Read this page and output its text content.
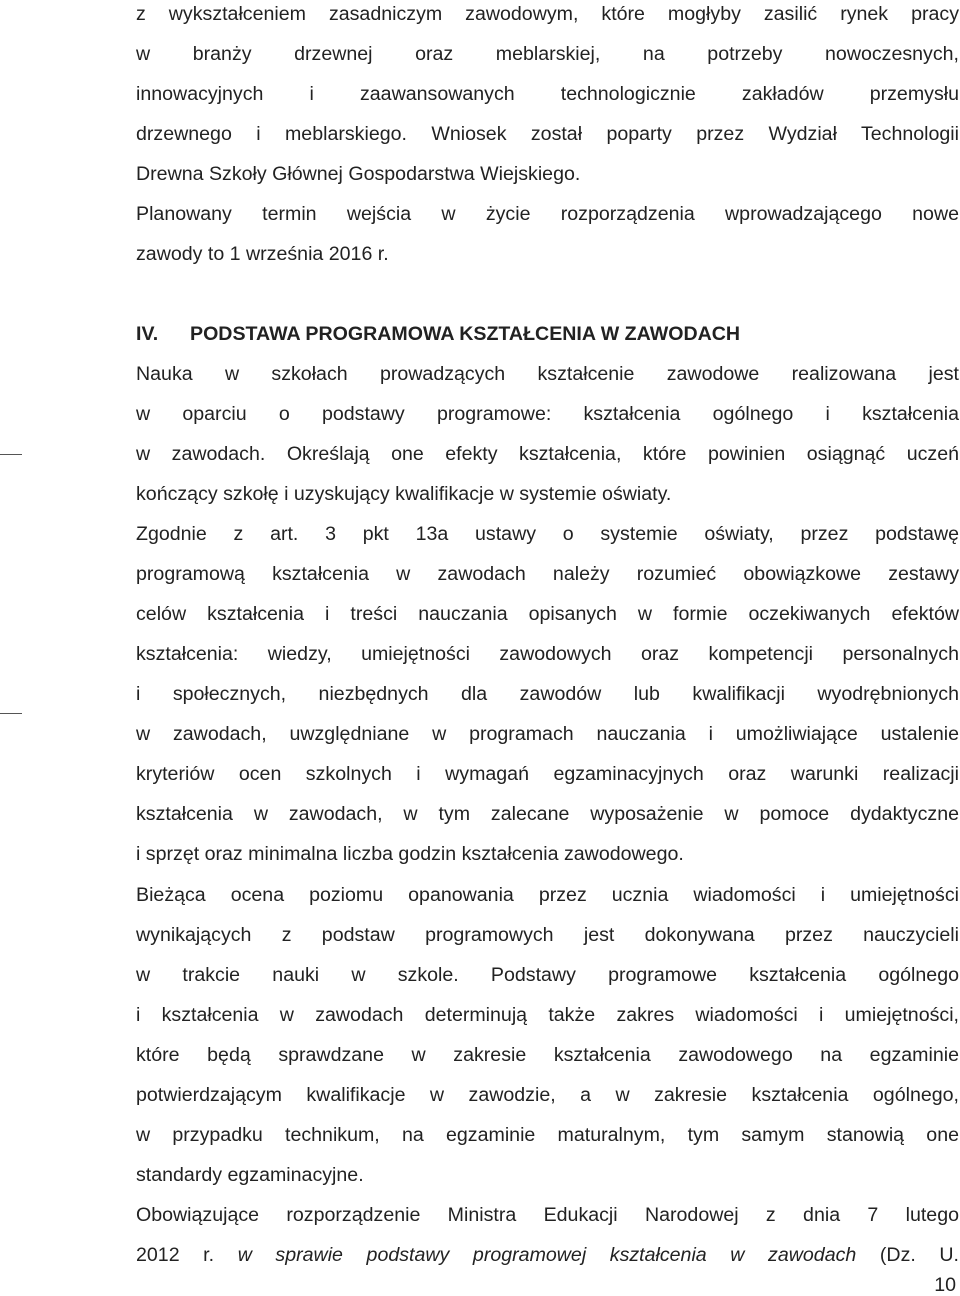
z wykształceniem zasadniczym zawodowym, które mogłyby zasilić rynek pracy

w branży drzewnej oraz meblarskiej, na potrzeby nowoczesnych,

innowacyjnych i zaawansowanych technologicznie zakładów przemysłu

drzewnego i meblarskiego. Wniosek został poparty przez Wydział Technologii

Drewna Szkoły Głównej Gospodarstwa Wiejskiego.

Planowany termin wejścia w życie rozporządzenia wprowadzającego nowe

zawody to 1 września 2016 r.

IV. PODSTAWA PROGRAMOWA KSZTAŁCENIA W ZAWODACH

Nauka w szkołach prowadzących kształcenie zawodowe realizowana jest

w oparciu o podstawy programowe: kształcenia ogólnego i kształcenia

w zawodach. Określają one efekty kształcenia, które powinien osiągnąć uczeń

kończący szkołę i uzyskujący kwalifikacje w systemie oświaty.

Zgodnie z art. 3 pkt 13a ustawy o systemie oświaty, przez podstawę

programową kształcenia w zawodach należy rozumieć obowiązkowe zestawy

celów kształcenia i treści nauczania opisanych w formie oczekiwanych efektów

kształcenia: wiedzy, umiejętności zawodowych oraz kompetencji personalnych

i społecznych, niezbędnych dla zawodów lub kwalifikacji wyodrębnionych

w zawodach, uwzględniane w programach nauczania i umożliwiające ustalenie

kryteriów ocen szkolnych i wymagań egzaminacyjnych oraz warunki realizacji

kształcenia w zawodach, w tym zalecane wyposażenie w pomoce dydaktyczne

i sprzęt oraz minimalna liczba godzin kształcenia zawodowego.

Bieżąca ocena poziomu opanowania przez ucznia wiadomości i umiejętności

wynikających z podstaw programowych jest dokonywana przez nauczycieli

w trakcie nauki w szkole. Podstawy programowe kształcenia ogólnego

i kształcenia w zawodach determinują także zakres wiadomości i umiejętności,

które będą sprawdzane w zakresie kształcenia zawodowego na egzaminie

potwierdzającym kwalifikacje w zawodzie, a w zakresie kształcenia ogólnego,

w przypadku technikum, na egzaminie maturalnym, tym samym stanowią one

standardy egzaminacyjne.

Obowiązujące rozporządzenie Ministra Edukacji Narodowej z dnia 7 lutego

2012 r. w sprawie podstawy programowej kształcenia w zawodach (Dz. U.

10
